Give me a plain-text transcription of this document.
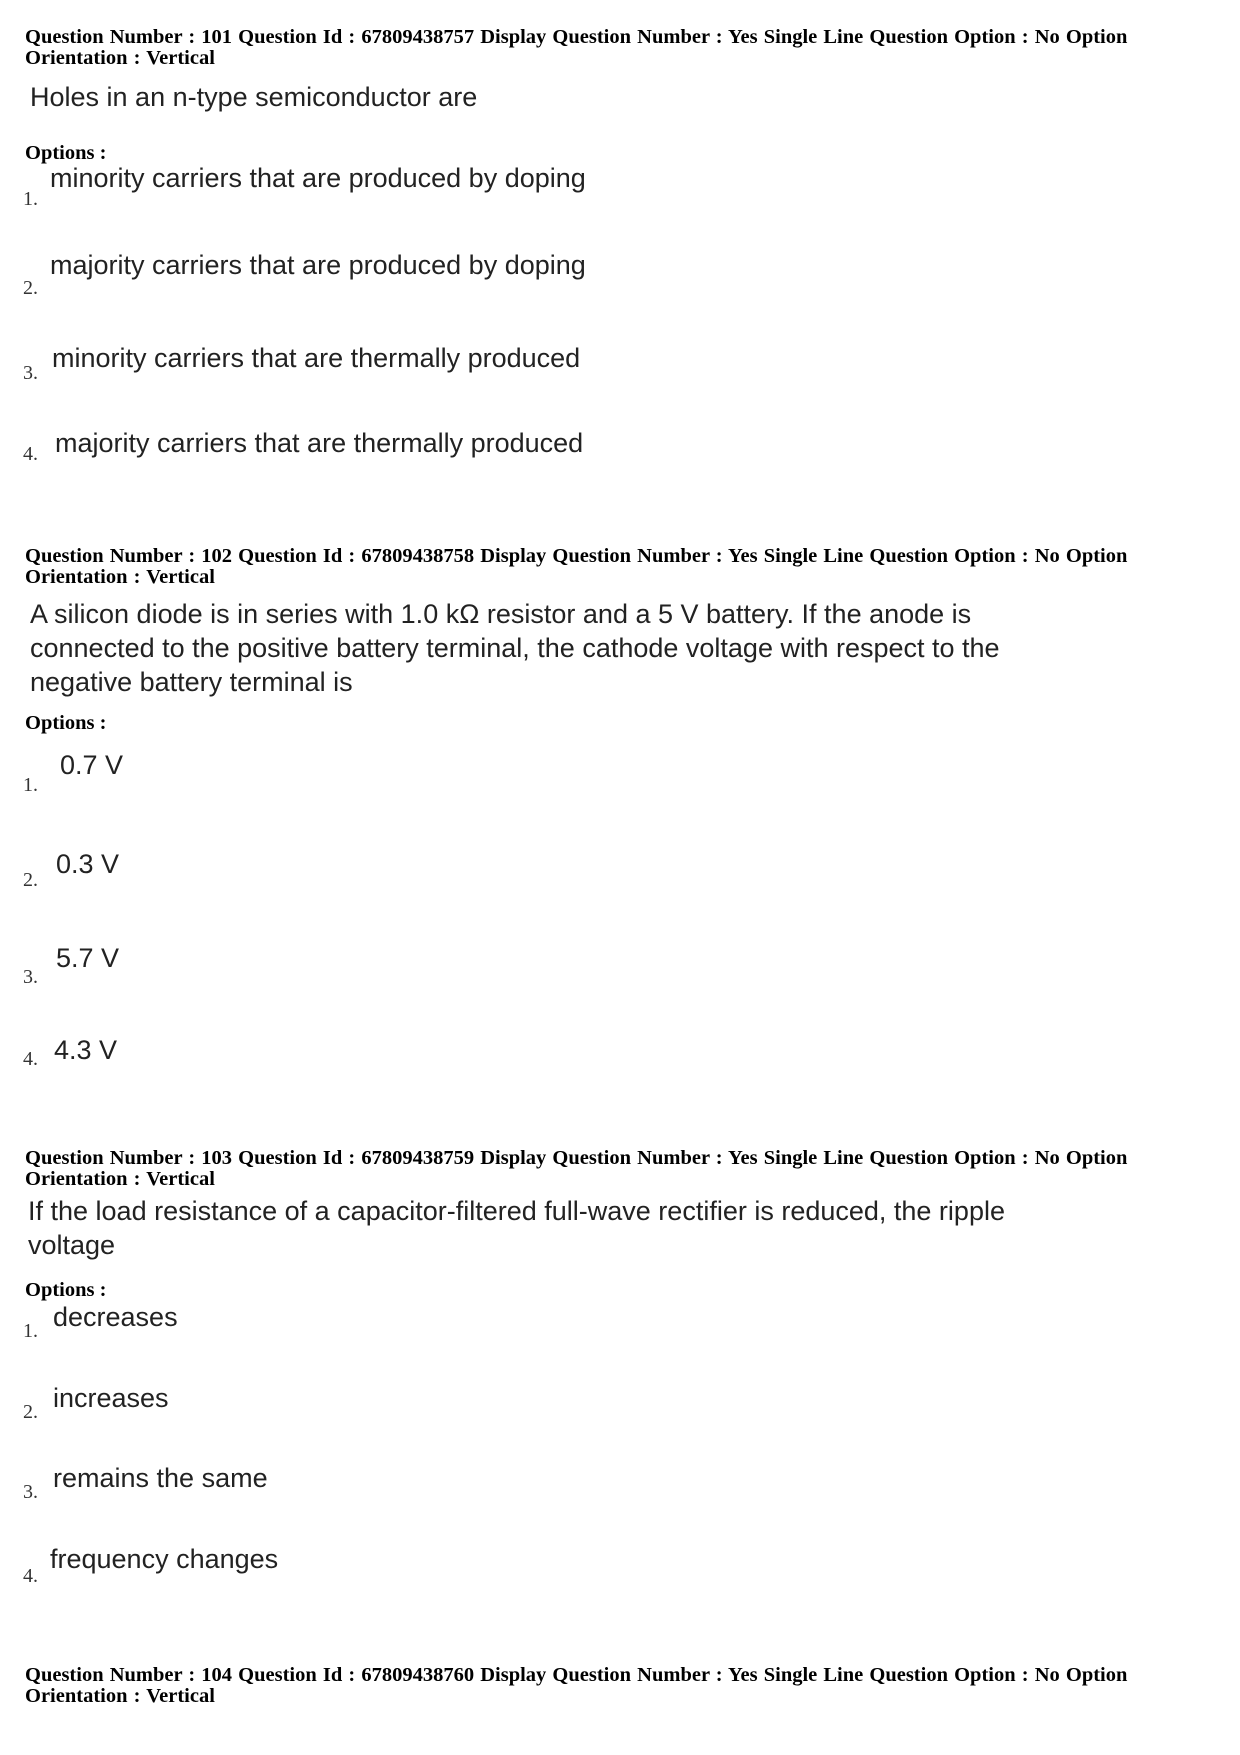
Question Number : 101 Question Id : 67809438757 Display Question Number : Yes Single Line Question Option : No Option
Orientation : Vertical
Holes in an n-type semiconductor are
Options :
1.
minority carriers that are produced by doping
2.
majority carriers that are produced by doping
3. minority carriers that are thermally produced
4. majority carriers that are thermally produced
Question Number : 102 Question Id : 67809438758 Display Question Number : Yes Single Line Question Option : No Option
Orientation : Vertical
A silicon diode is in series with 1.0 kΩ resistor and a 5 V battery. If the anode is
connected to the positive battery terminal, the cathode voltage with respect to the
negative battery terminal is
Options :
1.
0.7 V
2.
0.3 V
3.
5.7 V
4. 4.3 V
Question Number : 103 Question Id : 67809438759 Display Question Number : Yes Single Line Question Option : No Option
Orientation : Vertical
If the load resistance of a capacitor-filtered full-wave rectifier is reduced, the ripple
voltage
Options :
1. decreases
2. increases
3. remains the same
4.
frequency changes
Question Number : 104 Question Id : 67809438760 Display Question Number : Yes Single Line Question Option : No Option
Orientation : Vertical
